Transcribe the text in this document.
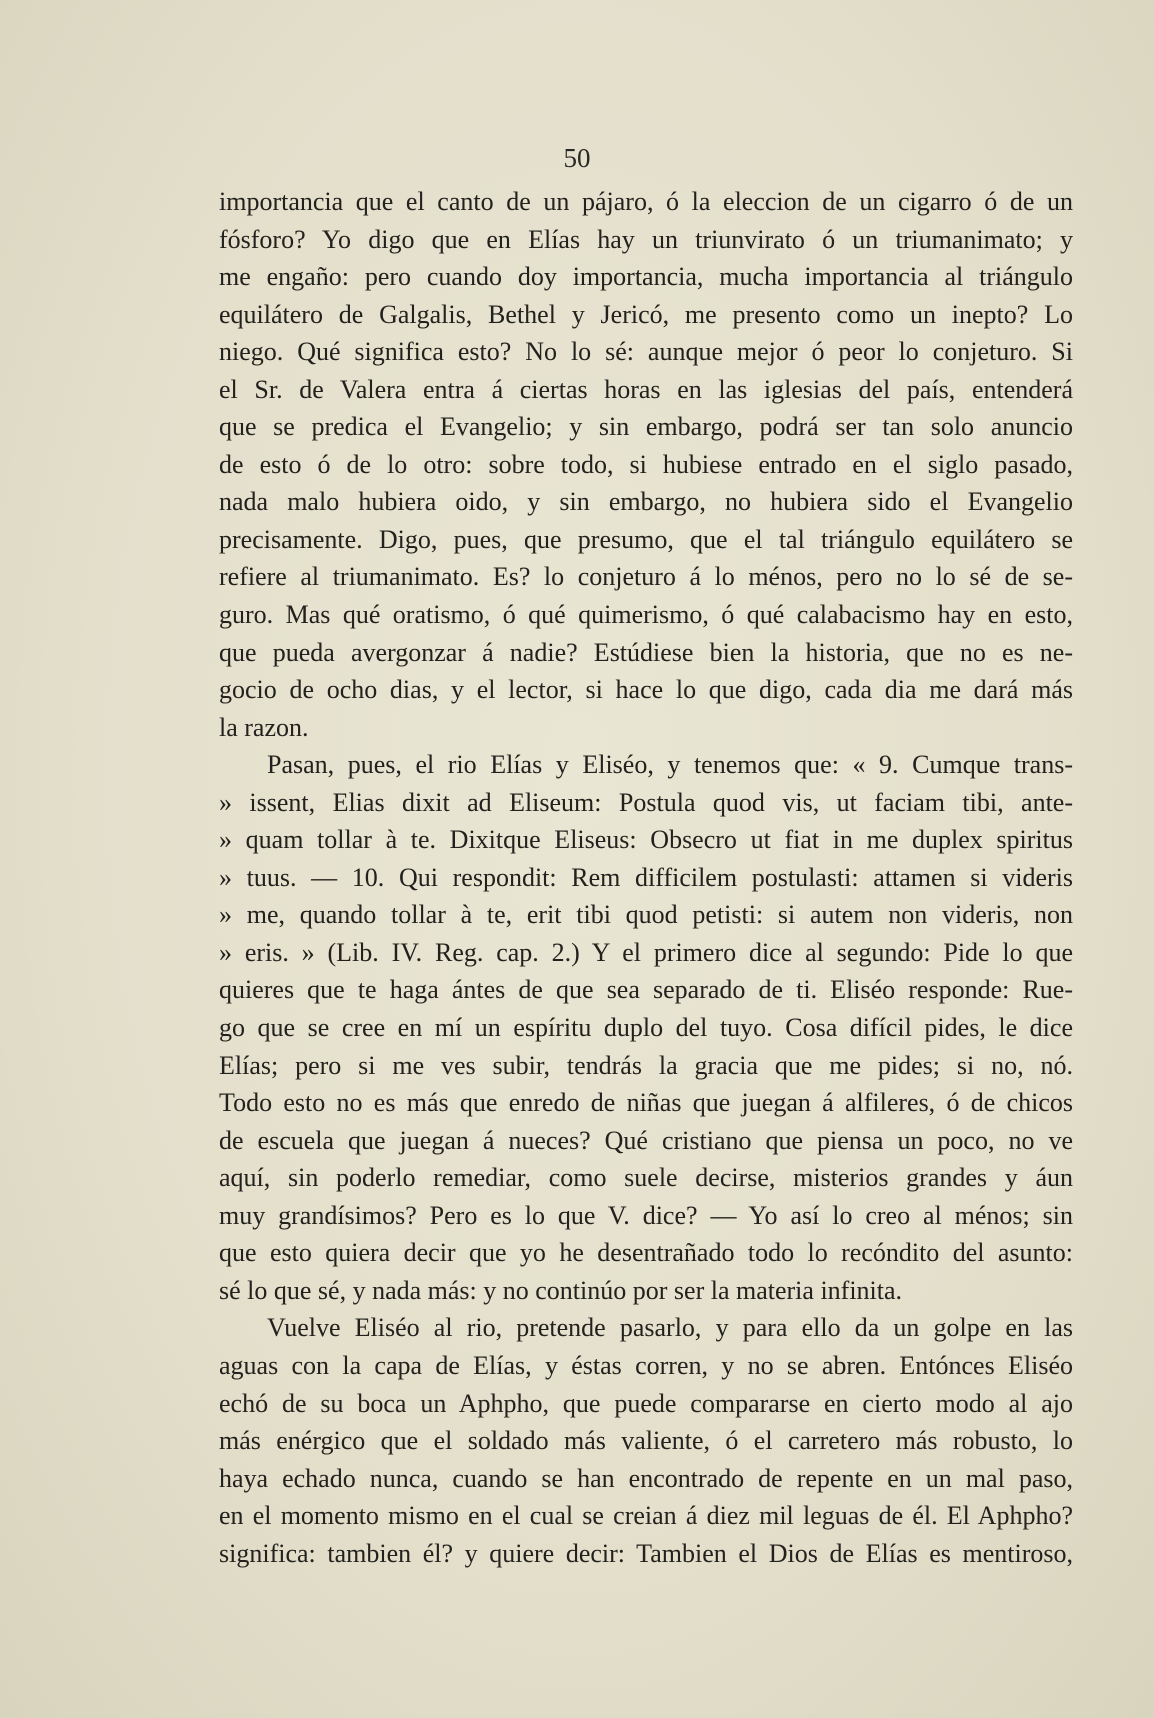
50
importancia que el canto de un pájaro, ó la eleccion de un cigarro ó de un
fósforo? Yo digo que en Elías hay un triunvirato ó un triumanimato; y
me engaño: pero cuando doy importancia, mucha importancia al triángulo
equilátero de Galgalis, Bethel y Jericó, me presento como un inepto? Lo
niego. Qué significa esto? No lo sé: aunque mejor ó peor lo conjeturo. Si
el Sr. de Valera entra á ciertas horas en las iglesias del país, entenderá
que se predica el Evangelio; y sin embargo, podrá ser tan solo anuncio
de esto ó de lo otro: sobre todo, si hubiese entrado en el siglo pasado,
nada malo hubiera oido, y sin embargo, no hubiera sido el Evangelio
precisamente. Digo, pues, que presumo, que el tal triángulo equilátero se
refiere al triumanimato. Es? lo conjeturo á lo ménos, pero no lo sé de se-
guro. Mas qué oratismo, ó qué quimerismo, ó qué calabacismo hay en esto,
que pueda avergonzar á nadie? Estúdiese bien la historia, que no es ne-
gocio de ocho dias, y el lector, si hace lo que digo, cada dia me dará más
la razon.
Pasan, pues, el rio Elías y Eliséo, y tenemos que: « 9. Cumque trans-
» issent, Elias dixit ad Eliseum: Postula quod vis, ut faciam tibi, ante-
» quam tollar à te. Dixitque Eliseus: Obsecro ut fiat in me duplex spiritus
» tuus. — 10. Qui respondit: Rem difficilem postulasti: attamen si videris
» me, quando tollar à te, erit tibi quod petisti: si autem non videris, non
» eris. » (Lib. IV. Reg. cap. 2.) Y el primero dice al segundo: Pide lo que
quieres que te haga ántes de que sea separado de ti. Eliséo responde: Rue-
go que se cree en mí un espíritu duplo del tuyo. Cosa difícil pides, le dice
Elías; pero si me ves subir, tendrás la gracia que me pides; si no, nó.
Todo esto no es más que enredo de niñas que juegan á alfileres, ó de chicos
de escuela que juegan á nueces? Qué cristiano que piensa un poco, no ve
aquí, sin poderlo remediar, como suele decirse, misterios grandes y áun
muy grandísimos? Pero es lo que V. dice? — Yo así lo creo al ménos; sin
que esto quiera decir que yo he desentrañado todo lo recóndito del asunto:
sé lo que sé, y nada más: y no continúo por ser la materia infinita.
Vuelve Eliséo al rio, pretende pasarlo, y para ello da un golpe en las
aguas con la capa de Elías, y éstas corren, y no se abren. Entónces Eliséo
echó de su boca un Aphpho, que puede compararse en cierto modo al ajo
más enérgico que el soldado más valiente, ó el carretero más robusto, lo
haya echado nunca, cuando se han encontrado de repente en un mal paso,
en el momento mismo en el cual se creian á diez mil leguas de él. El Aphpho?
significa: tambien él? y quiere decir: Tambien el Dios de Elías es mentiroso,
